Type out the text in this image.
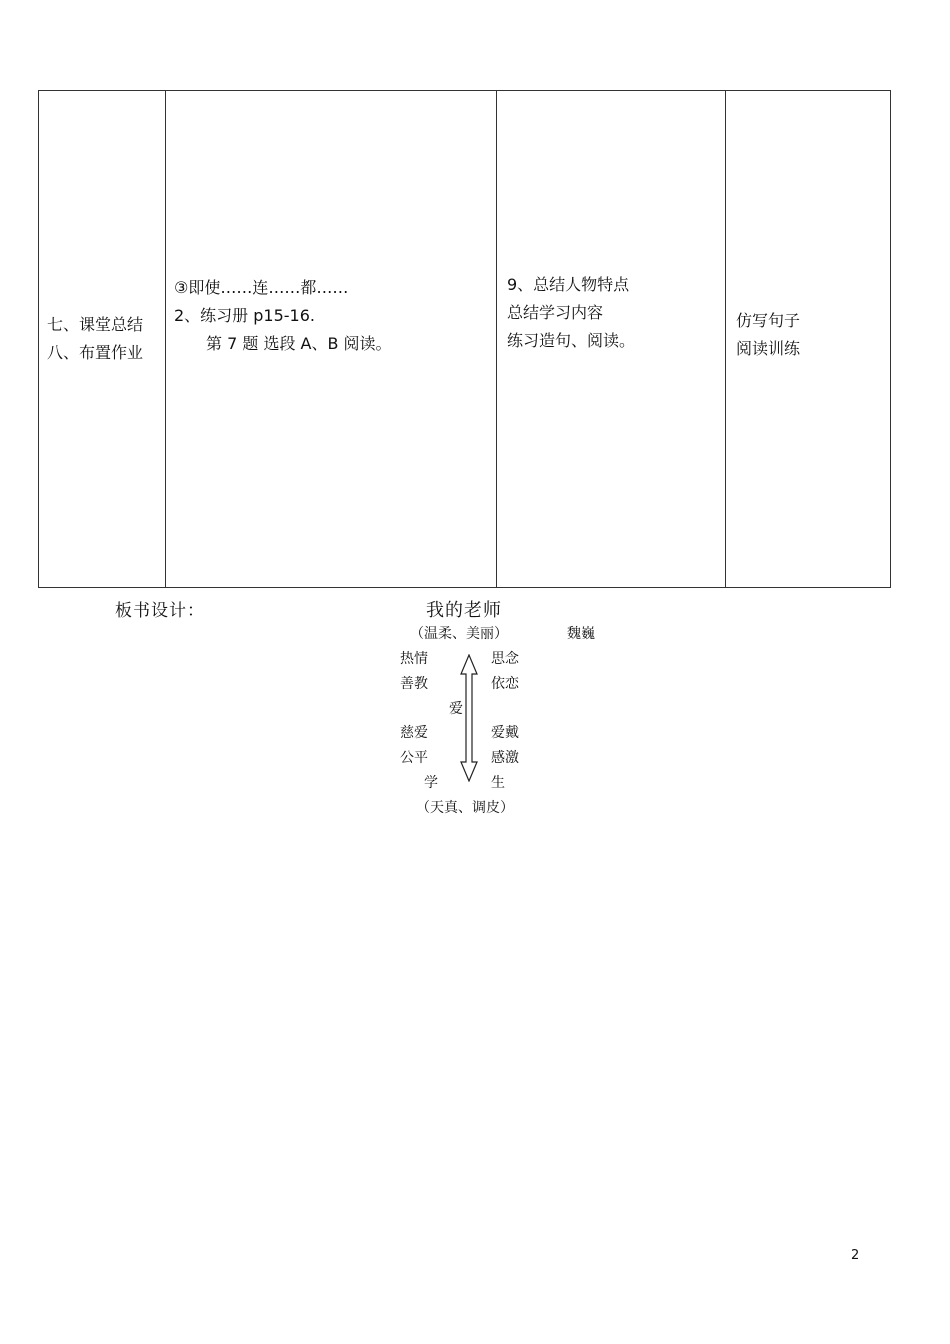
七、课堂总结
八、布置作业

③即使……连……都……
2、练习册 p15-16.
第 7 题 选段 A、B 阅读。

9、总结人物特点
总结学习内容
练习造句、阅读。

仿写句子
阅读训练
板书设计：	我的老师
（温柔、美丽）	魏巍
热情
善教
慈爱
公平
思念
依恋
爱戴
感激
爱
学	生
（天真、调皮）
2
